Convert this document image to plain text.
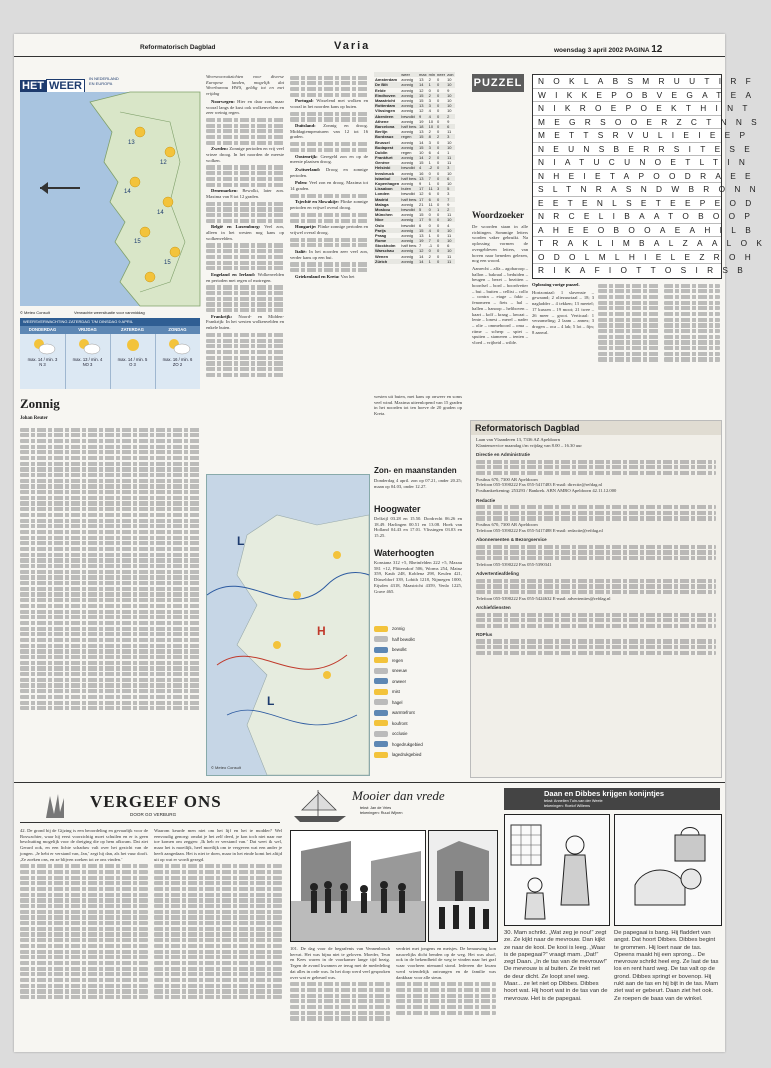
Reformatorisch Dagblad	Varia	woensdag 3 april 2002 PAGINA 12
HET WEER IN NEDERLAND
EN EUROPA
13
12
14
14
15
15
© Meteo Consult	Verwachte weersituatie voor vanmiddag
WEERSVERWACHTING ZATERDAG T/M DINSDAG 9 APRIL
DONDERDAG
max. 14 / min. 3
N 3
VRIJDAG
max. 13 / min. 4
NO 3
ZATERDAG
max. 14 / min. 5
O 3
ZONDAG
max. 16 / min. 6
ZO 2
Zonnig
Johan Reuter

Weersvooruitzichten voor diverse Europese landen, mogelijk dat Weerbureau HWS, geldig tot en met vrijdag

Noorwegen: Hier en daar zon, maar vooral langs de kust ook wolkenvelden en zeer weinig regen.

Zweden: Zonnige perioden en vrij veel vrieze droog. In het noorden de meeste wolken.

Denemarken: Bewolkt, later zon. Maxima van 8 tot 12 graden.

België en Luxemburg: Veel zon, alleen in het westen nog kans op wolkenvelden.

Engeland en Ierland: Wolkenvelden en perioden met regen of motregen.

Frankrijk: Noord- en Midden-Frankrijk: In het westen wolkenvelden en enkele buien.

Portugal: Wisselend met wolken en vooral in het noorden kans op buien.

Duitsland: Zonnig en droog. Middagtemperaturen van 12 tot 16 graden.

Oostenrijk: Geregeld zon en op de meeste plaatsen droog.

Zwitserland: Droog en zonnige perioden.

Polen: Veel zon en droog. Maxima tot 14 graden.

Tsjechië en Slowakije: Flinke zonnige perioden en vrijwel overal droog.

Hongarije: Flinke zonnige perioden en vrijwel overal droog.

Italië: In het noorden zeer veel zon, verder kans op een bui.

Griekenland en Kreta: Van het

	weer	max	min	neer	zon
Amsterdam	zonnig	13	2	0	10
De Bilt	zonnig	14	1	0	10
Eelde	zonnig	12	0	0	9
Eindhoven	zonnig	15	2	0	10
Maastricht	zonnig	15	3	0	10
Rotterdam	zonnig	13	3	0	10
Vlissingen	zonnig	12	4	0	10
Aberdeen	bewolkt	9	4	0	2
Athene	zonnig	19	10	0	9
Barcelona	half bew.	18	10	0	6
Berlijn	zonnig	13	2	0	11
Bordeaux	regen	15	8	2	3
Brussel	zonnig	14	3	0	10
Budapest	zonnig	15	3	0	10
Dublin	regen	10	6	4	1
Frankfurt	zonnig	14	2	0	11
Genève	zonnig	15	1	0	11
Helsinki	bewolkt	4	-2	0	3
Innsbruck	zonnig	16	0	0	10
Istanbul	half bew.	13	7	0	6
Kopenhagen	zonnig	9	1	0	10
Lissabon	buien	17	11	3	5
Londen	bewolkt	12	6	0	3
Madrid	half bew.	17	6	0	7
Malaga	zonnig	21	11	0	9
Moskou	bewolkt	5	0	1	2
München	zonnig	15	0	0	11
Nice	zonnig	17	9	0	10
Oslo	bewolkt	6	0	0	4
Parijs	zonnig	15	4	0	10
Praag	zonnig	13	1	0	11
Rome	zonnig	19	7	0	10
Stockholm	half bew.	7	-1	0	6
Warschau	zonnig	12	0	0	10
Wenen	zonnig	14	2	0	11
Zürich	zonnig	14	1	0	11

westen uit buien, met kans op onweer en soms veel wind. Maxima uiteenlopend van 15 graden in het noorden tot ten hoeve de 20 graden op Kreta.

Zon- en maanstanden

Donderdag 4 april. zon op 07.21, onder 20.25; maan op 04.03, onder 12.27.

Hoogwater

Delfzijl 03.28 en 15.50. Dordrecht 06.26 en 18.49. Harlingen 00.51 en 13.08. Hoek van Holland 04.43 en 17.01. Vlissingen 03.03 en 15.25.

Waterhoogten

Konstanz 312 +5, Rheinfelden 222 +5, Maxau 581 +12, Plittersdorf 506, Worms 254, Mainz 359, Kaub 248, Koblenz 298, Keulen 421, Düsseldorf 339, Lobith 1218, Nijmegen 1000, Eijsden 4318, Maastricht 4359, Venlo 1225, Grave 465.

L
H
L
© Meteo Consult
zonnig
half bewolkt
bewolkt
regen
sneeuw
onweer
mist
hagel
warmtefront
koufront
occlusie
hogedrukgebied
lagedrukgebied
PUZZEL	NOKLABSMRUUTIRF
WIKKEPOBVEGATEA
NIKROEPOEKTHINT
MEGRSOOERZCTNNS
METTSRVULIEIEEP
NEUNSBERRSITESE
NIATUCUNOETLTIN
NHEIETAPOODRAEE
SLTNRASNDWBRONN
EETENLSETEEPEOD
NRCELIBAATOBOOP
AHEEOBOOAEAHILB
TRAKLIMBALZAALOK
ODOLMLHIELEZROH
RIKAFIOTTOSIRSB
Woordzoeker

De woorden staan in alle richtingen. Sommige letters worden vaker gebruikt. Na oplossing vormen de overgebleven letters, van boven naar beneden gelezen, nog een woord.

Aanrecht – alfa – agobaroop – ballon – bakraal – beduiden – beugen – bezet – bezitten – boordsel – bord – boordvetter – bui – buiten – cellist – collo – contra – etage – fakir – fenomeen – fiets – hal – hallen – hanoop – heliboven – kaart – kolf – kraag – lawaai – lente – lonest – merel – nader – olie – ommeboord – oma – ritme – scherp – spiet – spuiten – stameren – tenten – vloed – vrijheid – wilde.

Oplossing vorige puzzel.

Horizontaal: 1 slavenste – gewaand; 2 oliezuurtaal – 18; 3 nagladder – 4 tekken; 13 meetel; 17 kussen – 19 moot; 21 twee – 26 meer – groot. Verticaal: 1 verzameling; 2 laam – annex; 3 drogen – oca – 4 lak; 5 lot – fijn; 8 aanval.

Reformatorisch Dagblad
Laan van Vlaanderen 13, 7336 AZ Apeldoorn
Klantenservice maandag t/m vrijdag van 8.00 – 16.30 uur
Directie en Administratie
Postbus 670, 7300 AR Apeldoorn
Telefoon 055-5390222 Fax 055-5417483 E-mail: directie@refdag.nl
Postbankrekening: 253293 / Bankrek. ABN AMRO Apeldoorn 42.11.12.000
Redactie
Postbus 670, 7300 AR Apeldoorn
Telefoon 055-5390222 Fax 055-5417488 E-mail: redactie@refdag.nl
Abonnementen & Bezorgservice
Telefoon 055-5390222 Fax 055-5390341
Advertentieafdeling
Telefoon 055-5390222 Fax 055-5424632 E-mail: advertenties@refdag.nl
Archiefdiensten
RDPlus
VERGEEF ONS
DOOR GO VERBURG

42. De grond bij de Gijzing is een beoordeling en gevaarlijk voor de Boswachter, waar hij eerst voorzichtig moet schuilen en er is geen beschutting mogelijk voor de dreiging die op hem afkwam. Dat ziet Gerard ook, en een lichte schaduw valt over het gezicht van de jongen. ,Je hebt er verstand van, Jan,’ zegt hij dan, als het vuur dooft. ,Ze zoeken ons, en ze blijven zoeken tot ze ons vinden.’

Waarom keurde men niet om het lijf en het te modder? Wel eenvoudig genoeg: omdat je het zelf deed, je kon toch niet naar me toe komen om zeggen: ,Ik heb er verstand van.’ Dat weet ik wel, maar het is moeilijk, heel moeilijk om te vergeven wat een ander je heeft aangedaan. Het is niet te doen, maar in het einde komt het altijd uit op wat er wordt gezegd.

Mooier dan vrede
tekst: Jan de Vries
tekeningen: Ruud Wijnen

101. De dag voor de begrafenis van Vennenbosch hervat. Het was bijna niet te geloven. Moeder, Teun en Kees waren in de voorkamer lange tijd bezig. Tegen de avond kwamen ze terug met de mededeling dat alles in orde was. In het dorp werd veel gesproken over wat er gebeurd was.

verdriet met jongens en meisjes. De benauwing kon nauwelijks dicht benden op de weg. Het was alsof, ook in de bekendheid de weg te vinden naar het graf waar voorheen niemand stond. Iedereen die kwam werd vriendelijk ontvangen en de familie was dankbaar voor alle steun.

Daan en Dibbes krijgen konijntjes
tekst: Annelien Tuin-van der Weele
tekeningen: Roelof Willems

30. Mam schrikt. „Wat zeg je nou!” zegt ze. Ze kijkt naar de mevrouw. Dan kijkt ze naar de kooi. De kooi is leeg. „Waar is de papegaai?” vraagt mam. „Dat!” zegt Daan. „In de tas van de mevrouw!” De mevrouw is al buiten. Ze trekt net de deur dicht. Ze loopt snel weg. Maar... ze let niet op Dibbes. Dibbes hoort wat. Hij hoort wat in de tas van de mevrouw. Het is de papegaai.

De papegaai is bang. Hij fladdert van angst. Dat hoort Dibbes. Dibbes begint te grommen. Hij loert naar de tas. Opeens maakt hij een sprong... De mevrouw schrikt heel erg. Ze laat de tas los en rent hard weg. De tas valt op de grond. Dibbes springt er bovenop. Hij rukt aan de tas en hij bijt in de tas. Mam ziet wat er gebeurt. Daan ziet het ook. Ze roepen de baas van de winkel.
